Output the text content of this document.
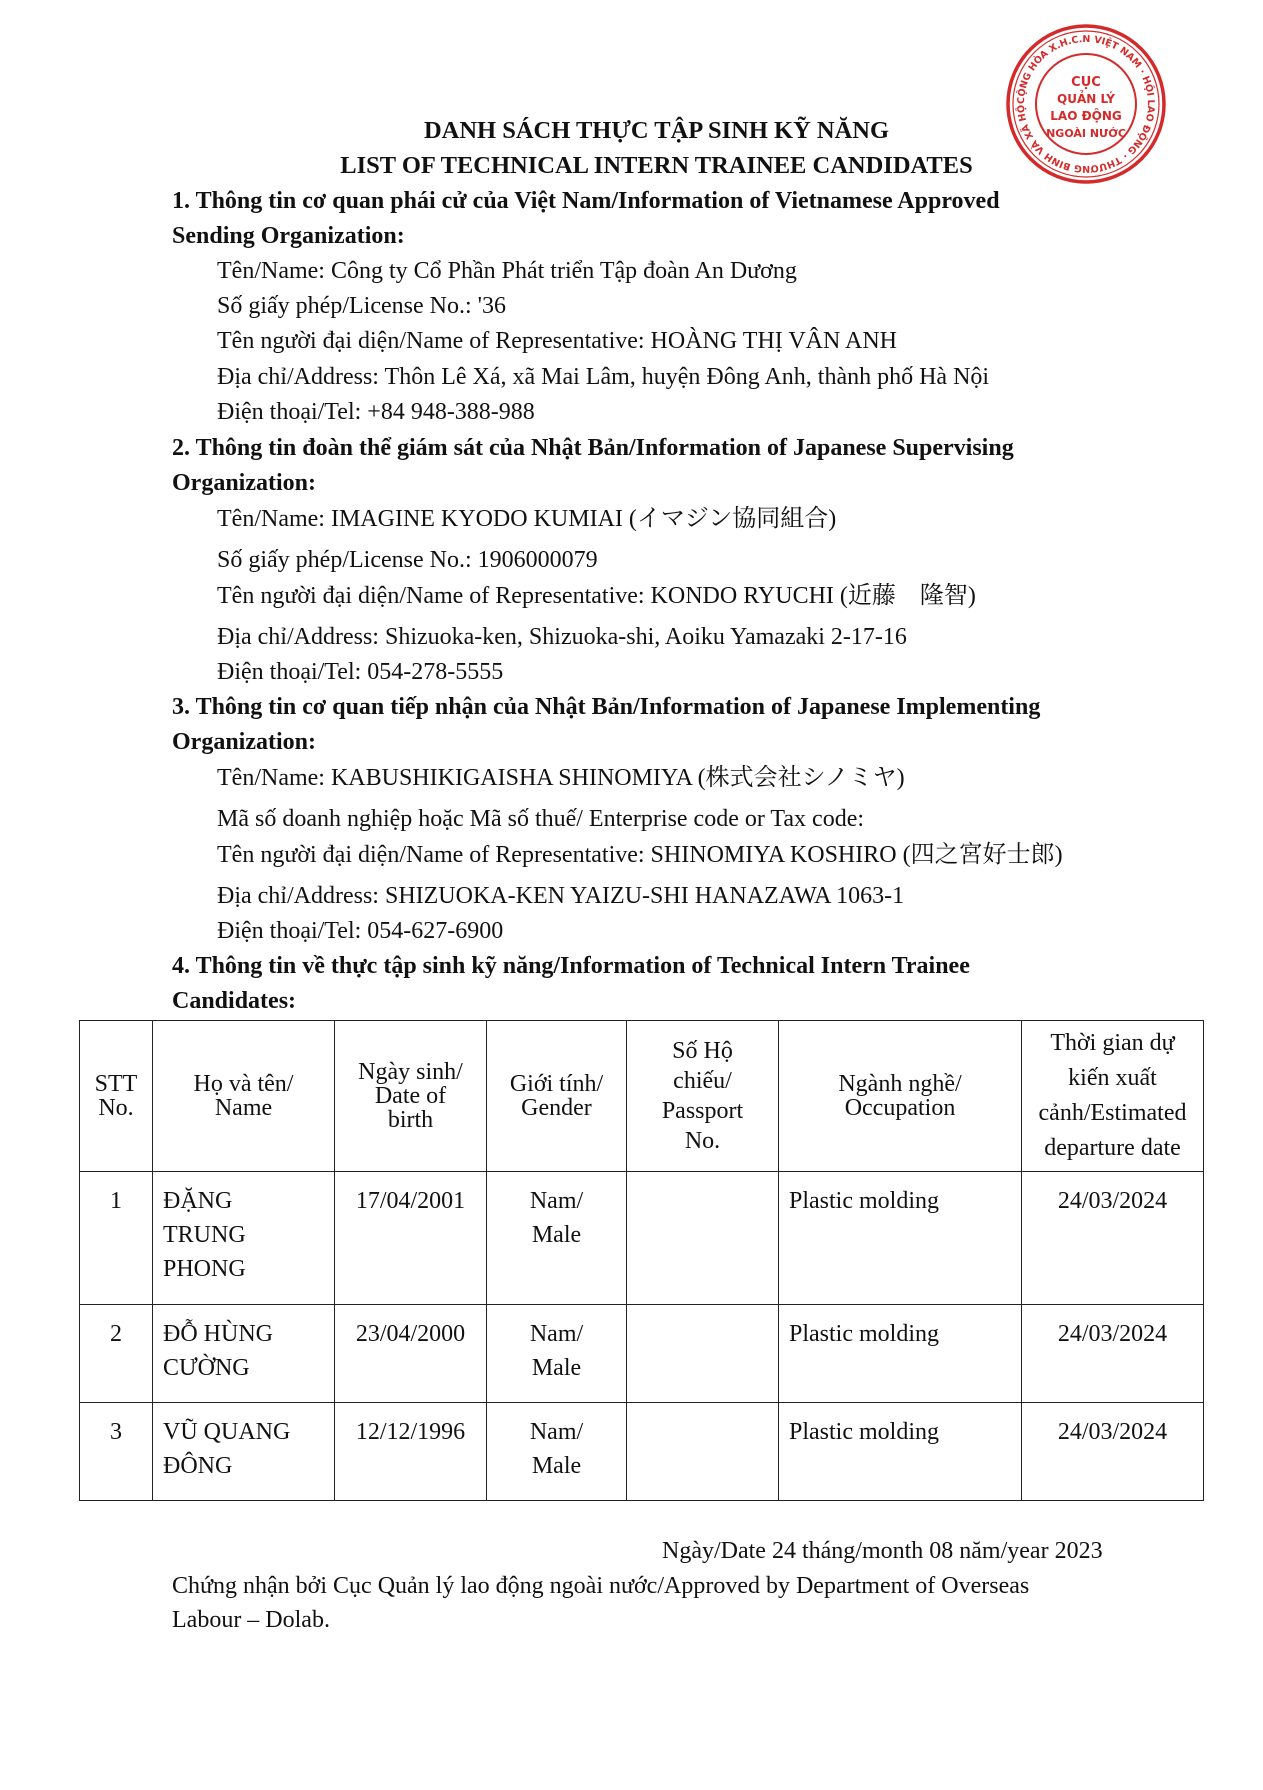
CỘNG HÒA X.H.C.N VIỆT NAM · HỘI LAO ĐỘNG · THƯƠNG BINH VÀ XÃ HỘ
CỤC
QUẢN LÝ
LAO ĐỘNG
NGOÀI NƯỚC
DANH SÁCH THỰC TẬP SINH KỸ NĂNG
LIST OF TECHNICAL INTERN TRAINEE CANDIDATES
1. Thông tin cơ quan phái cử của Việt Nam/Information of Vietnamese Approved
Sending Organization:
Tên/Name: Công ty Cổ Phần Phát triển Tập đoàn An Dương
Số giấy phép/License No.: '36
Tên người đại diện/Name of Representative: HOÀNG THỊ VÂN ANH
Địa chỉ/Address: Thôn Lê Xá, xã Mai Lâm, huyện Đông Anh, thành phố Hà Nội
Điện thoại/Tel: +84 948-388-988
2. Thông tin đoàn thể giám sát của Nhật Bản/Information of Japanese Supervising
Organization:
Tên/Name: IMAGINE KYODO KUMIAI (イマジン協同組合)
Số giấy phép/License No.: 1906000079
Tên người đại diện/Name of Representative: KONDO RYUCHI (近藤　隆智)
Địa chỉ/Address: Shizuoka-ken, Shizuoka-shi, Aoiku Yamazaki 2-17-16
Điện thoại/Tel: 054-278-5555
3. Thông tin cơ quan tiếp nhận của Nhật Bản/Information of Japanese Implementing
Organization:
Tên/Name: KABUSHIKIGAISHA SHINOMIYA (株式会社シノミヤ)
Mã số doanh nghiệp hoặc Mã số thuế/ Enterprise code or Tax code:
Tên người đại diện/Name of Representative: SHINOMIYA KOSHIRO (四之宮好士郎)
Địa chỉ/Address: SHIZUOKA-KEN YAIZU-SHI HANAZAWA 1063-1
Điện thoại/Tel: 054-627-6900
4. Thông tin về thực tập sinh kỹ năng/Information of Technical Intern Trainee
Candidates:
STT
No.	Họ và tên/
Name	Ngày sinh/
Date of
birth	Giới tính/
Gender	Số Hộ
chiếu/
Passport
No.	Ngành nghề/
Occupation	Thời gian dự
kiến xuất
cảnh/Estimated
departure date

1	ĐẶNG
TRUNG
PHONG	17/04/2001	Nam/
Male		Plastic molding	24/03/2024
2	ĐỖ HÙNG
CƯỜNG	23/04/2000	Nam/
Male		Plastic molding	24/03/2024
3	VŨ QUANG
ĐÔNG	12/12/1996	Nam/
Male		Plastic molding	24/03/2024
Ngày/Date 24 tháng/month 08 năm/year 2023
Chứng nhận bởi Cục Quản lý lao động ngoài nước/Approved by Department of Overseas
Labour – Dolab.
